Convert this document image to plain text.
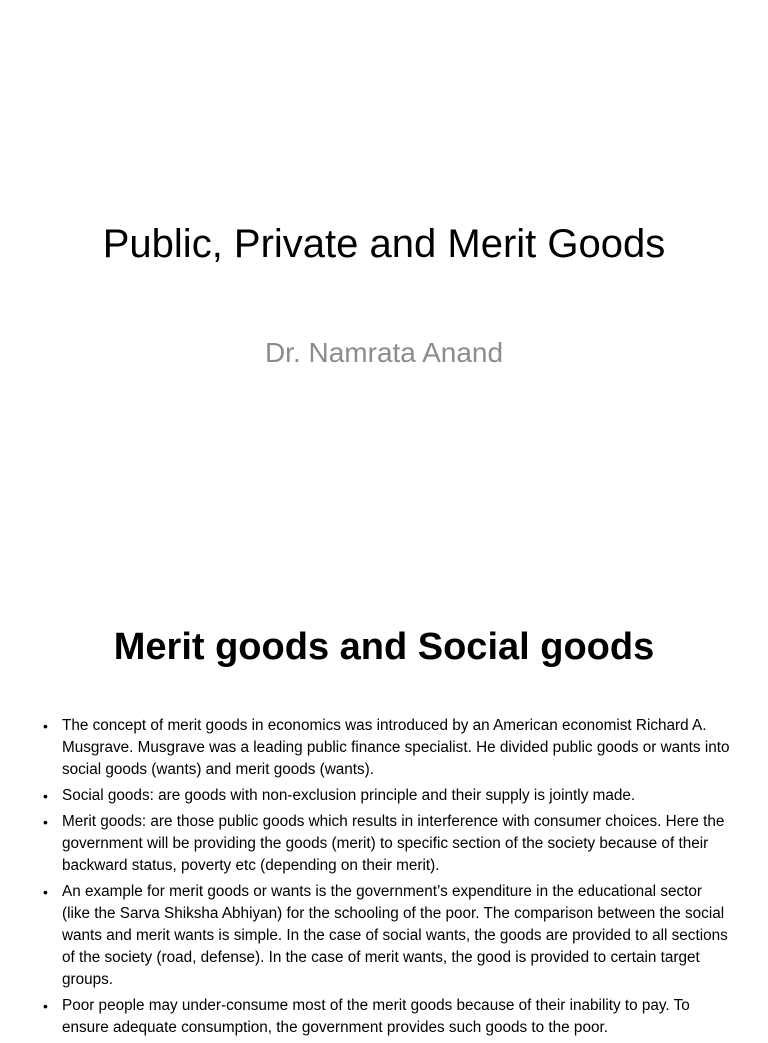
Public, Private and Merit Goods
Dr. Namrata Anand
Merit goods and Social goods
• The concept of merit goods in economics was introduced by an American economist Richard A. Musgrave. Musgrave was a leading public finance specialist. He divided public goods or wants into social goods (wants) and merit goods (wants).
• Social goods: are goods with non-exclusion principle and their supply is jointly made.
• Merit goods: are those public goods which results in interference with consumer choices. Here the government will be providing the goods (merit) to specific section of the society because of their backward status, poverty etc (depending on their merit).
• An example for merit goods or wants is the government’s expenditure in the educational sector (like the Sarva Shiksha Abhiyan) for the schooling of the poor. The comparison between the social wants and merit wants is simple. In the case of social wants, the goods are provided to all sections of the society (road, defense). In the case of merit wants, the good is provided to certain target groups.
• Poor people may under-consume most of the merit goods because of their inability to pay. To ensure adequate consumption, the government provides such goods to the poor.
